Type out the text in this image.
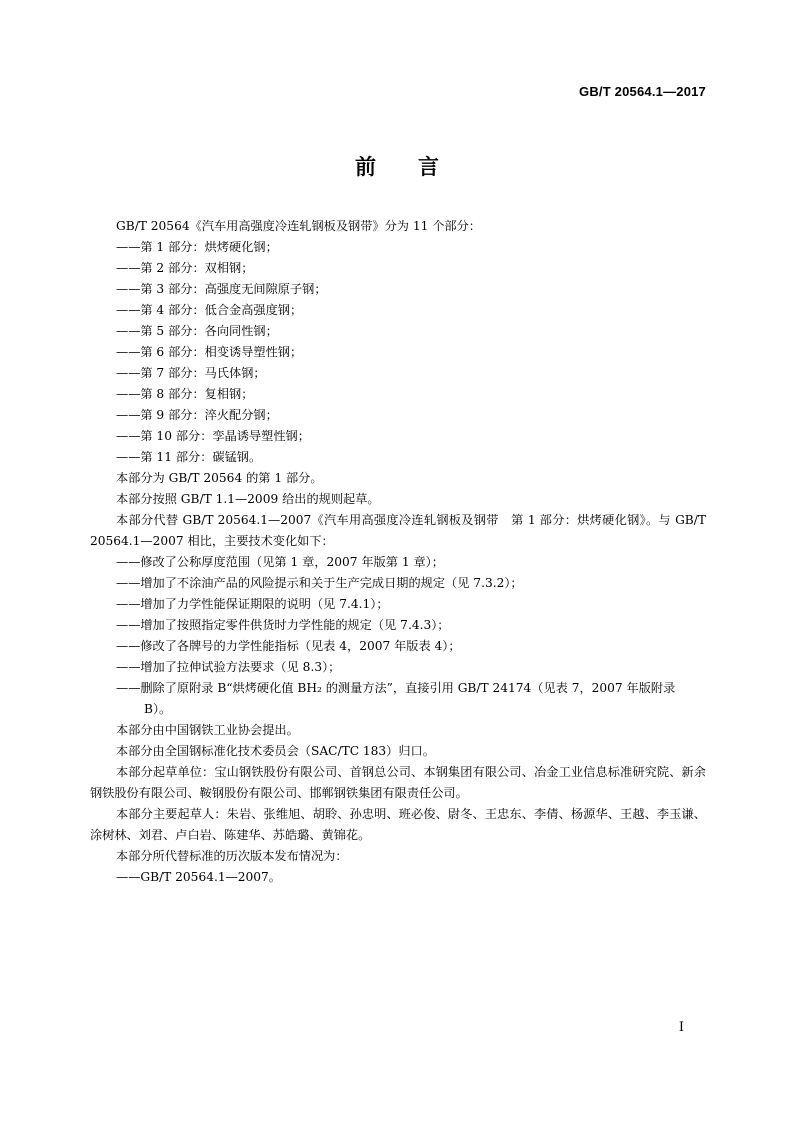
GB/T 20564.1—2017
前言

GB/T 20564《汽车用高强度冷连轧钢板及钢带》分为 11 个部分：

——第 1 部分：烘烤硬化钢；

——第 2 部分：双相钢；

——第 3 部分：高强度无间隙原子钢；

——第 4 部分：低合金高强度钢；

——第 5 部分：各向同性钢；

——第 6 部分：相变诱导塑性钢；

——第 7 部分：马氏体钢；

——第 8 部分：复相钢；

——第 9 部分：淬火配分钢；

——第 10 部分：孪晶诱导塑性钢；

——第 11 部分：碳锰钢。

本部分为 GB/T 20564 的第 1 部分。

本部分按照 GB/T 1.1—2009 给出的规则起草。

本部分代替 GB/T 20564.1—2007《汽车用高强度冷连轧钢板及钢带　第 1 部分：烘烤硬化钢》。与 GB/T 20564.1—2007 相比，主要技术变化如下：

——修改了公称厚度范围（见第 1 章，2007 年版第 1 章）；

——增加了不涂油产品的风险提示和关于生产完成日期的规定（见 7.3.2）；

——增加了力学性能保证期限的说明（见 7.4.1）；

——增加了按照指定零件供货时力学性能的规定（见 7.4.3）；

——修改了各牌号的力学性能指标（见表 4，2007 年版表 4）；

——增加了拉伸试验方法要求（见 8.3）；

——删除了原附录 B“烘烤硬化值 BH₂ 的测量方法”，直接引用 GB/T 24174（见表 7，2007 年版附录 B）。

本部分由中国钢铁工业协会提出。

本部分由全国钢标准化技术委员会（SAC/TC 183）归口。

本部分起草单位：宝山钢铁股份有限公司、首钢总公司、本钢集团有限公司、冶金工业信息标准研究院、新余钢铁股份有限公司、鞍钢股份有限公司、邯郸钢铁集团有限责任公司。

本部分主要起草人：朱岩、张维旭、胡聆、孙忠明、班必俊、尉冬、王忠东、李倩、杨源华、王越、李玉谦、涂树林、刘君、卢白岩、陈建华、苏皓璐、黄锦花。

本部分所代替标准的历次版本发布情况为：

——GB/T 20564.1—2007。

I
